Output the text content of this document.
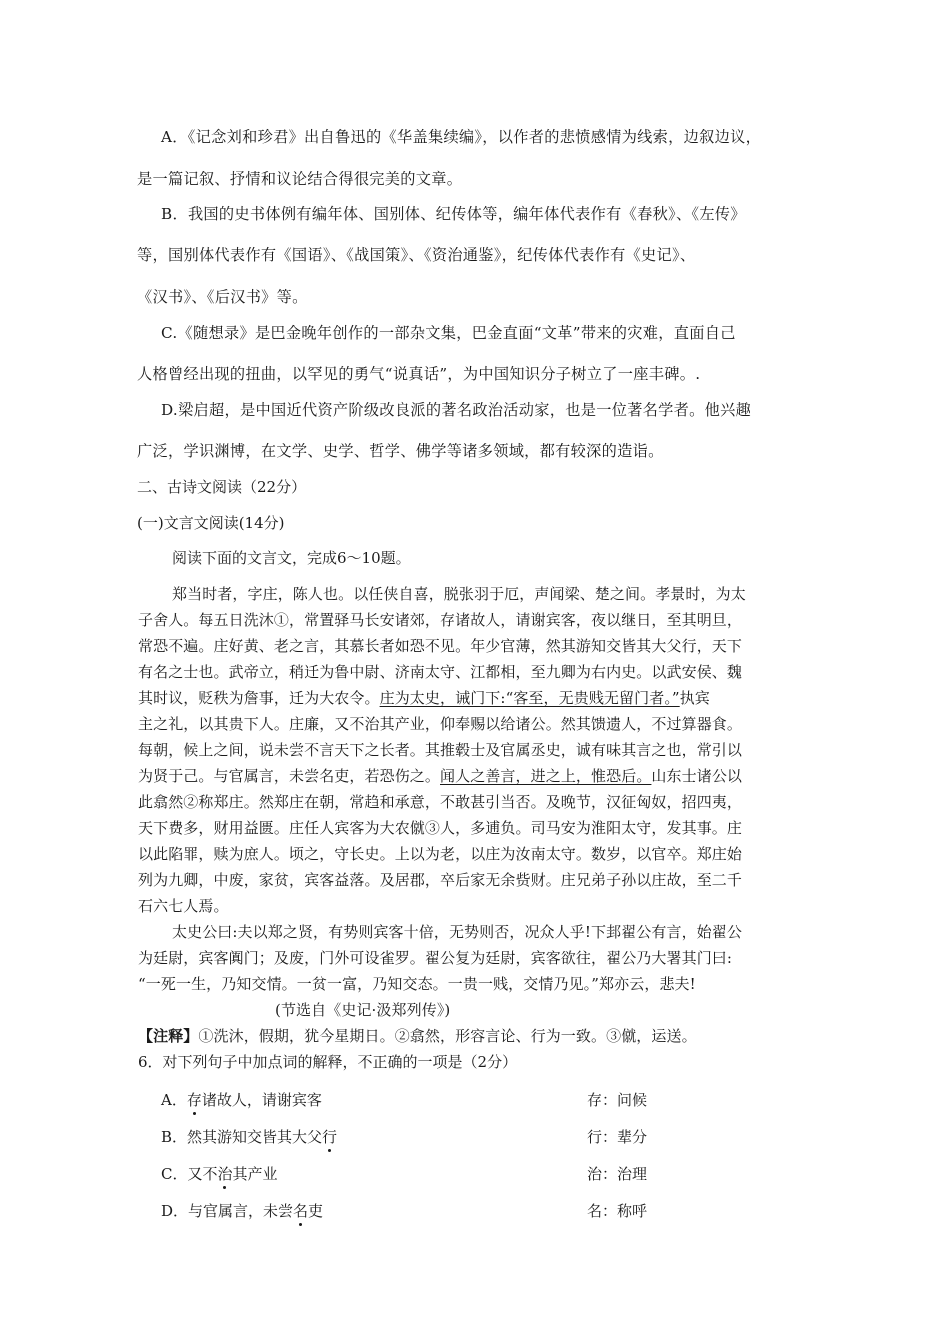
A．《记念刘和珍君》出自鲁迅的《华盖集续编》，以作者的悲愤感情为线索，边叙边议，
是一篇记叙、抒情和议论结合得很完美的文章。
B．我国的史书体例有编年体、国别体、纪传体等，编年体代表作有《春秋》、《左传》
等，国别体代表作有《国语》、《战国策》、《资治通鉴》，纪传体代表作有《史记》、
《汉书》、《后汉书》等。
C.《随想录》是巴金晚年创作的一部杂文集，巴金直面“文革”带来的灾难，直面自己
人格曾经出现的扭曲，以罕见的勇气“说真话”，为中国知识分子树立了一座丰碑。.
D.梁启超，是中国近代资产阶级改良派的著名政治活动家，也是一位著名学者。他兴趣
广泛，学识渊博，在文学、史学、哲学、佛学等诸多领域，都有较深的造诣。
二、古诗文阅读（22分）
(一)文言文阅读(14分)
阅读下面的文言文，完成6～10题。
郑当时者，字庄，陈人也。以任侠自喜，脱张羽于厄，声闻梁、楚之间。孝景时，为太
子舍人。每五日洗沐①，常置驿马长安诸郊，存诸故人，请谢宾客，夜以继日，至其明旦，
常恐不遍。庄好黄、老之言，其慕长者如恐不见。年少官薄，然其游知交皆其大父行，天下
有名之士也。武帝立，稍迁为鲁中尉、济南太守、江都相，至九卿为右内史。以武安侯、魏
其时议，贬秩为詹事，迁为大农令。庄为太史，诫门下:“客至，无贵贱无留门者。”执宾
主之礼，以其贵下人。庄廉，又不治其产业，仰奉赐以给诸公。然其馈遗人，不过算器食。
每朝，候上之间，说未尝不言天下之长者。其推毂士及官属丞史，诚有味其言之也，常引以
为贤于己。与官属言，未尝名吏，若恐伤之。闻人之善言，进之上，惟恐后。山东士诸公以
此翕然②称郑庄。然郑庄在朝，常趋和承意，不敢甚引当否。及晚节，汉征匈奴，招四夷，
天下费多，财用益匮。庄任人宾客为大农僦③人，多逋负。司马安为淮阳太守，发其事。庄
以此陷罪，赎为庶人。顷之，守长史。上以为老，以庄为汝南太守。数岁，以官卒。郑庄始
列为九卿，中废，家贫，宾客益落。及居郡，卒后家无余赀财。庄兄弟子孙以庄故，至二千
石六七人焉。
太史公曰:夫以郑之贤，有势则宾客十倍，无势则否，况众人乎!下邽翟公有言，始翟公
为廷尉，宾客阗门；及废，门外可设雀罗。翟公复为廷尉，宾客欲往，翟公乃大署其门曰:
“一死一生，乃知交情。一贫一富，乃知交态。一贵一贱，交情乃见。”郑亦云，悲夫!
(节选自《史记·汲郑列传》)
【注释】①洗沐，假期，犹今星期日。②翕然，形容言论、行为一致。③僦，运送。
6．对下列句子中加点词的解释，不正确的一项是（2分）
A．存诸故人，请谢宾客	存：问候
B．然其游知交皆其大父行	行：辈分
C．又不治其产业	治：治理
D．与官属言，未尝名吏	名：称呼
